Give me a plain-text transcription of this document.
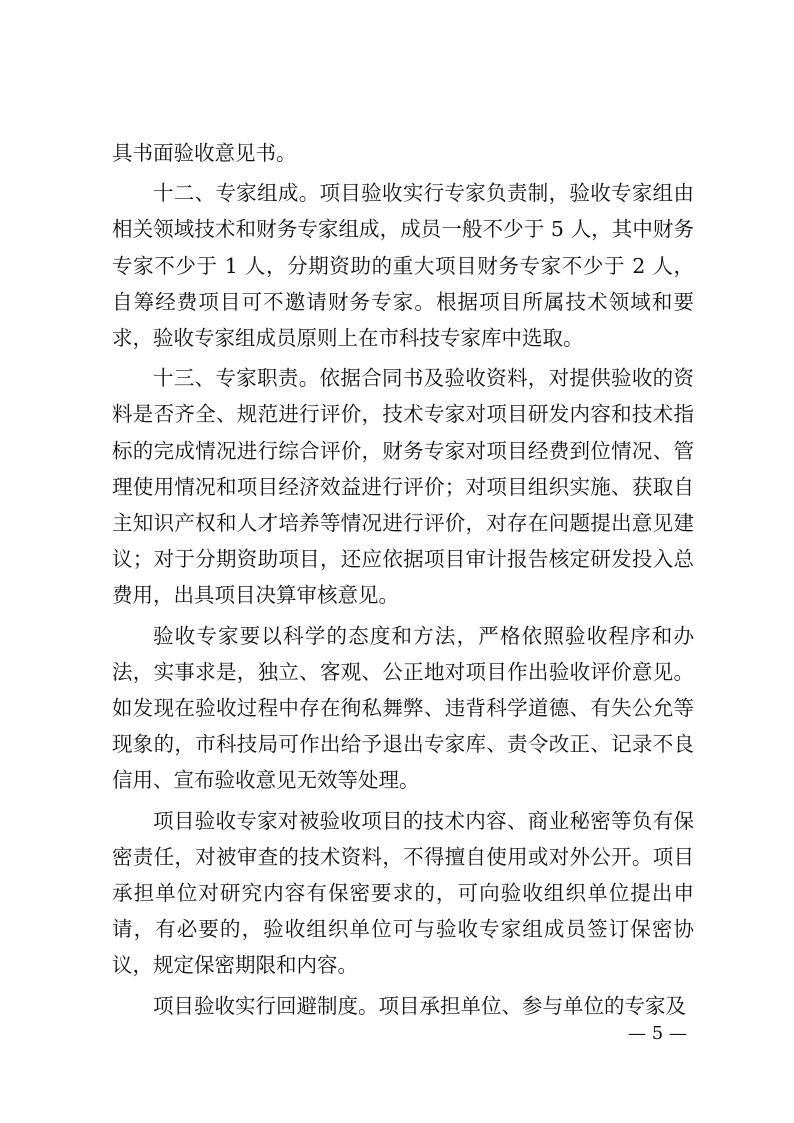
具书面验收意见书。

十二、专家组成。项目验收实行专家负责制，验收专家组由相关领域技术和财务专家组成，成员一般不少于 5 人，其中财务专家不少于 1 人，分期资助的重大项目财务专家不少于 2 人，自筹经费项目可不邀请财务专家。根据项目所属技术领域和要求，验收专家组成员原则上在市科技专家库中选取。

十三、专家职责。依据合同书及验收资料，对提供验收的资料是否齐全、规范进行评价，技术专家对项目研发内容和技术指标的完成情况进行综合评价，财务专家对项目经费到位情况、管理使用情况和项目经济效益进行评价；对项目组织实施、获取自主知识产权和人才培养等情况进行评价，对存在问题提出意见建议；对于分期资助项目，还应依据项目审计报告核定研发投入总费用，出具项目决算审核意见。

验收专家要以科学的态度和方法，严格依照验收程序和办法，实事求是，独立、客观、公正地对项目作出验收评价意见。如发现在验收过程中存在徇私舞弊、违背科学道德、有失公允等现象的，市科技局可作出给予退出专家库、责令改正、记录不良信用、宣布验收意见无效等处理。

项目验收专家对被验收项目的技术内容、商业秘密等负有保密责任，对被审查的技术资料，不得擅自使用或对外公开。项目承担单位对研究内容有保密要求的，可向验收组织单位提出申请，有必要的，验收组织单位可与验收专家组成员签订保密协议，规定保密期限和内容。

项目验收实行回避制度。项目承担单位、参与单位的专家及

— 5 —
